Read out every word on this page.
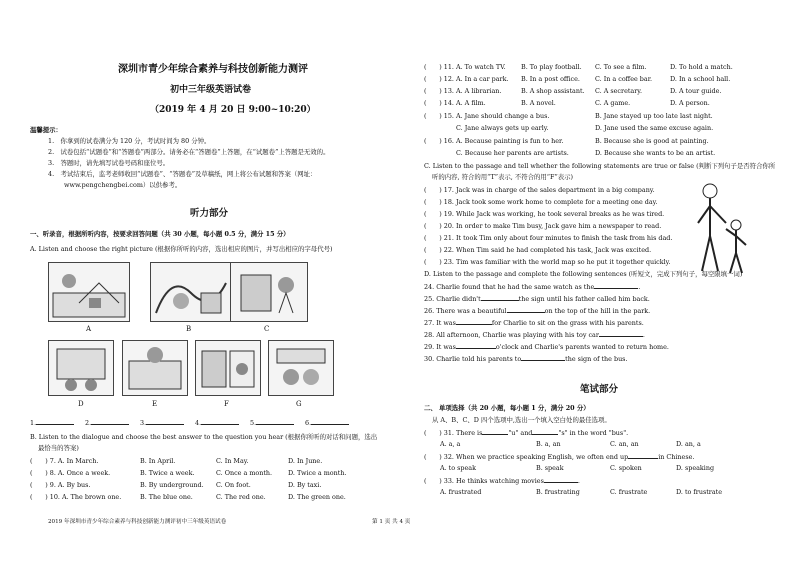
深圳市青少年综合素养与科技创新能力测评
初中三年级英语试卷
（2019 年 4 月 20 日 9:00~10:20）
温馨提示：
1.　你拿到的试卷满分为 120 分，考试时间为 80 分钟。
2.　试卷包括“试题卷”和“答题卷”两部分。请务必在“答题卷”上答题，在“试题卷”上答题是无效的。
3.　答题时，请先填写试卷号码和座位号。
4.　考试结束后，监考老师收回“试题卷”、“答题卷”及草稿纸，网上将公布试题和答案（网址：
www.pengchengbei.com）以供参考。
听力部分
一、听录音，根据所听内容，按要求回答问题（共 30 小题，每小题 0.5 分，满分 15 分）
A. Listen and choose the right picture (根据你所听的内容，选出相应的图片，并写出相应的字母代号)
A	B	C
D	E	F	G
1.	2.	3.	4.	5.	6.
B. Listen to the dialogue and choose the best answer to the question you hear (根据你所听的对话和问题，选出
最恰当的答案)
(　　) 7. A. In March.	B. In April.	C. In May.	D. In June.
(　　) 8. A. Once a week.	B. Twice a week.	C. Once a month. D. Twice a month.
(　　) 9. A. By bus.	B. By underground. C. On foot.	D. By taxi.
(　　) 10. A. The brown one.	B. The blue one.	C. The red one.	D. The green one.
(　　) 11. A. To watch TV. B. To play football. C. To see a film.	D. To hold a match.
(　　) 12. A. In a car park. B. In a post office. C. In a coffee bar.	D. In a school hall.
(　　) 13. A. A librarian.	B. A shop assistant. C. A secretary.	D. A tour guide.
(　　) 14. A. A film.	B. A novel.	C. A game.	D. A person.
(　　) 15. A. Jane should change a bus.	B. Jane stayed up too late last night.
C. Jane always gets up early.	D. Jane used the same excuse again.
(　　) 16. A. Because painting is fun to her.	B. Because she is good at painting.
C. Because her parents are artists.	D. Because she wants to be an artist.
C. Listen to the passage and tell whether the following statements are true or false (判断下列句子是否符合你所
听的内容, 符合的用“T”表示, 不符合的用“F”表示)
(　　) 17. Jack was in charge of the sales department in a big company.
(　　) 18. Jack took some work home to complete for a meeting one day.
(　　) 19. While Jack was working, he took several breaks as he was tired.
(　　) 20. In order to make Tim busy, Jack gave him a newspaper to read.
(　　) 21. It took Tim only about four minutes to finish the task from his dad.
(　　) 22. When Tim said he had completed his task, Jack was excited.
(　　) 23. Tim was familiar with the world map so he put it together quickly.
D. Listen to the passage and complete the following sentences (听短文，完成下列句子，每空限填一词)
24. Charlie found that he had the same watch as the	.
25. Charlie didn't	the sign until his father called him back.
26. There was a beautiful	on the top of the hill in the park.
27. It was	for Charlie to sit on the grass with his parents.
28. All afternoon, Charlie was playing with his toy car	.
29. It was	o'clock and Charlie's parents wanted to return home.
30. Charlie told his parents to	the sign of the bus.
笔试部分
二、 单项选择（共 20 小题，每小题 1 分，满分 20 分）
从 A、B、C、D 四个选项中,选出一个填入空白处的最佳选项。
(　　) 31. There is	"u" and	"s" in the word "bus".
A. a, a	B. a, an	C. an, an	D. an, a
(　　) 32. When we practice speaking English, we often end up	in Chinese.
A. to speak	B. speak	C. spoken	D. speaking
(　　) 33. He thinks watching movies	.
A. frustrated	B. frustrating	C. frustrate	D. to frustrate
2019 年深圳市青少年综合素养与科技创新能力测评初中三年级英语试卷	第 1 页 共 4 页
